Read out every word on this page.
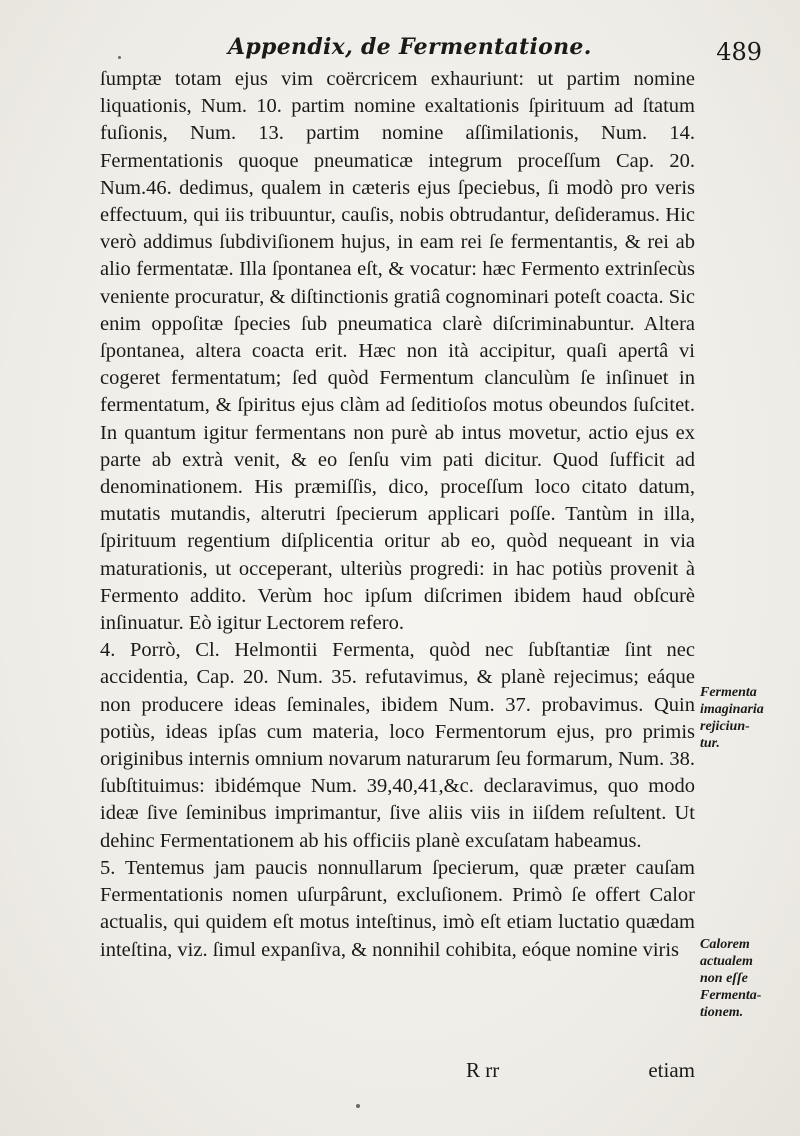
Appendix, de Fermentatione.	489

ſumptæ totam ejus vim coërcricem exhauriunt: ut partim nomine liquationis, Num. 10. partim nomine exaltationis ſpirituum ad ſtatum fuſionis, Num. 13. partim nomine aſſimilationis, Num. 14. Fermentationis quoque pneumaticæ integrum proceſſum Cap. 20. Num.46. dedimus, qualem in cæteris ejus ſpeciebus, ſi modò pro veris effectuum, qui iis tribuuntur, cauſis, nobis obtrudantur, deſideramus. Hic verò addimus ſubdiviſionem hujus, in eam rei ſe fermentantis, & rei ab alio fermentatæ. Illa ſpontanea eſt, & vocatur: hæc Fermento extrinſecùs veniente procuratur, & diſtinctionis gratiâ cognominari poteſt coacta. Sic enim oppoſitæ ſpecies ſub pneumatica clarè diſcriminabuntur. Altera ſpontanea, altera coacta erit. Hæc non ità accipitur, quaſi apertâ vi cogeret fermentatum; ſed quòd Fermentum clanculùm ſe inſinuet in fermentatum, & ſpiritus ejus clàm ad ſeditioſos motus obeundos ſuſcitet. In quantum igitur fermentans non purè ab intus movetur, actio ejus ex parte ab extrà venit, & eo ſenſu vim pati dicitur. Quod ſufficit ad denominationem. His præmiſſis, dico, proceſſum loco citato datum, mutatis mutandis, alterutri ſpecierum applicari poſſe. Tantùm in illa, ſpirituum regentium diſplicentia oritur ab eo, quòd nequeant in via maturationis, ut occeperant, ulteriùs progredi: in hac potiùs provenit à Fermento addito. Verùm hoc ipſum diſcrimen ibidem haud obſcurè inſinuatur. Eò igitur Lectorem refero.

4. Porrò, Cl. Helmontii Fermenta, quòd nec ſubſtantiæ ſint nec accidentia, Cap. 20. Num. 35. refutavimus, & planè rejecimus; eáque non producere ideas ſeminales, ibidem Num. 37. probavimus. Quin potiùs, ideas ipſas cum materia, loco Fermentorum ejus, pro primis originibus internis omnium novarum naturarum ſeu formarum, Num. 38. ſubſtituimus: ibidémque Num. 39,40,41,&c. declaravimus, quo modo ideæ ſive ſeminibus imprimantur, ſive aliis viis in iiſdem reſultent. Ut dehinc Fermentationem ab his officiis planè excuſatam habeamus.

5. Tentemus jam paucis nonnullarum ſpecierum, quæ præter cauſam Fermentationis nomen uſurpârunt, excluſionem. Primò ſe offert Calor actualis, qui quidem eſt motus inteſtinus, imò eſt etiam luctatio quædam inteſtina, viz. ſimul expanſiva, & nonnihil cohibita, eóque nomine viris

Fermenta
imaginaria
rejiciun-
tur.
Calorem
actualem
non eſſe
Fermenta-
tionem.
R rr	etiam
